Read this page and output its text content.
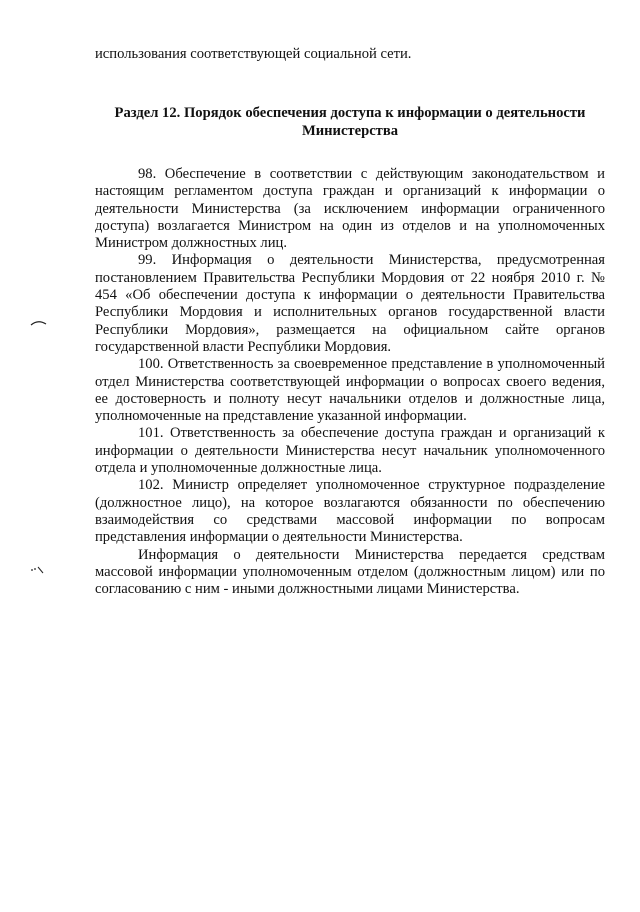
использования соответствующей социальной сети.
Раздел 12. Порядок обеспечения доступа к информации о деятельности Министерства

98. Обеспечение в соответствии с действующим законодательством и настоящим регламентом доступа граждан и организаций к информации о деятельности Министерства (за исключением информации ограниченного доступа) возлагается Министром на один из отделов и на уполномоченных Министром должностных лиц.

99. Информация о деятельности Министерства, предусмотренная постановлением Правительства Республики Мордовия от 22 ноября 2010 г. № 454 «Об обеспечении доступа к информации о деятельности Правительства Республики Мордовия и исполнительных органов государственной власти Республики Мордовия», размещается на официальном сайте органов государственной власти Республики Мордовия.

100. Ответственность за своевременное представление в уполномоченный отдел Министерства соответствующей информации о вопросах своего ведения, ее достоверность и полноту несут начальники отделов и должностные лица, уполномоченные на представление указанной информации.

101. Ответственность за обеспечение доступа граждан и организаций к информации о деятельности Министерства несут начальник уполномоченного отдела и уполномоченные должностные лица.

102. Министр определяет уполномоченное структурное подразделение (должностное лицо), на которое возлагаются обязанности по обеспечению взаимодействия со средствами массовой информации по вопросам представления информации о деятельности Министерства.

Информация о деятельности Министерства передается средствам массовой информации уполномоченным отделом (должностным лицом) или по согласованию с ним - иными должностными лицами Министерства.
